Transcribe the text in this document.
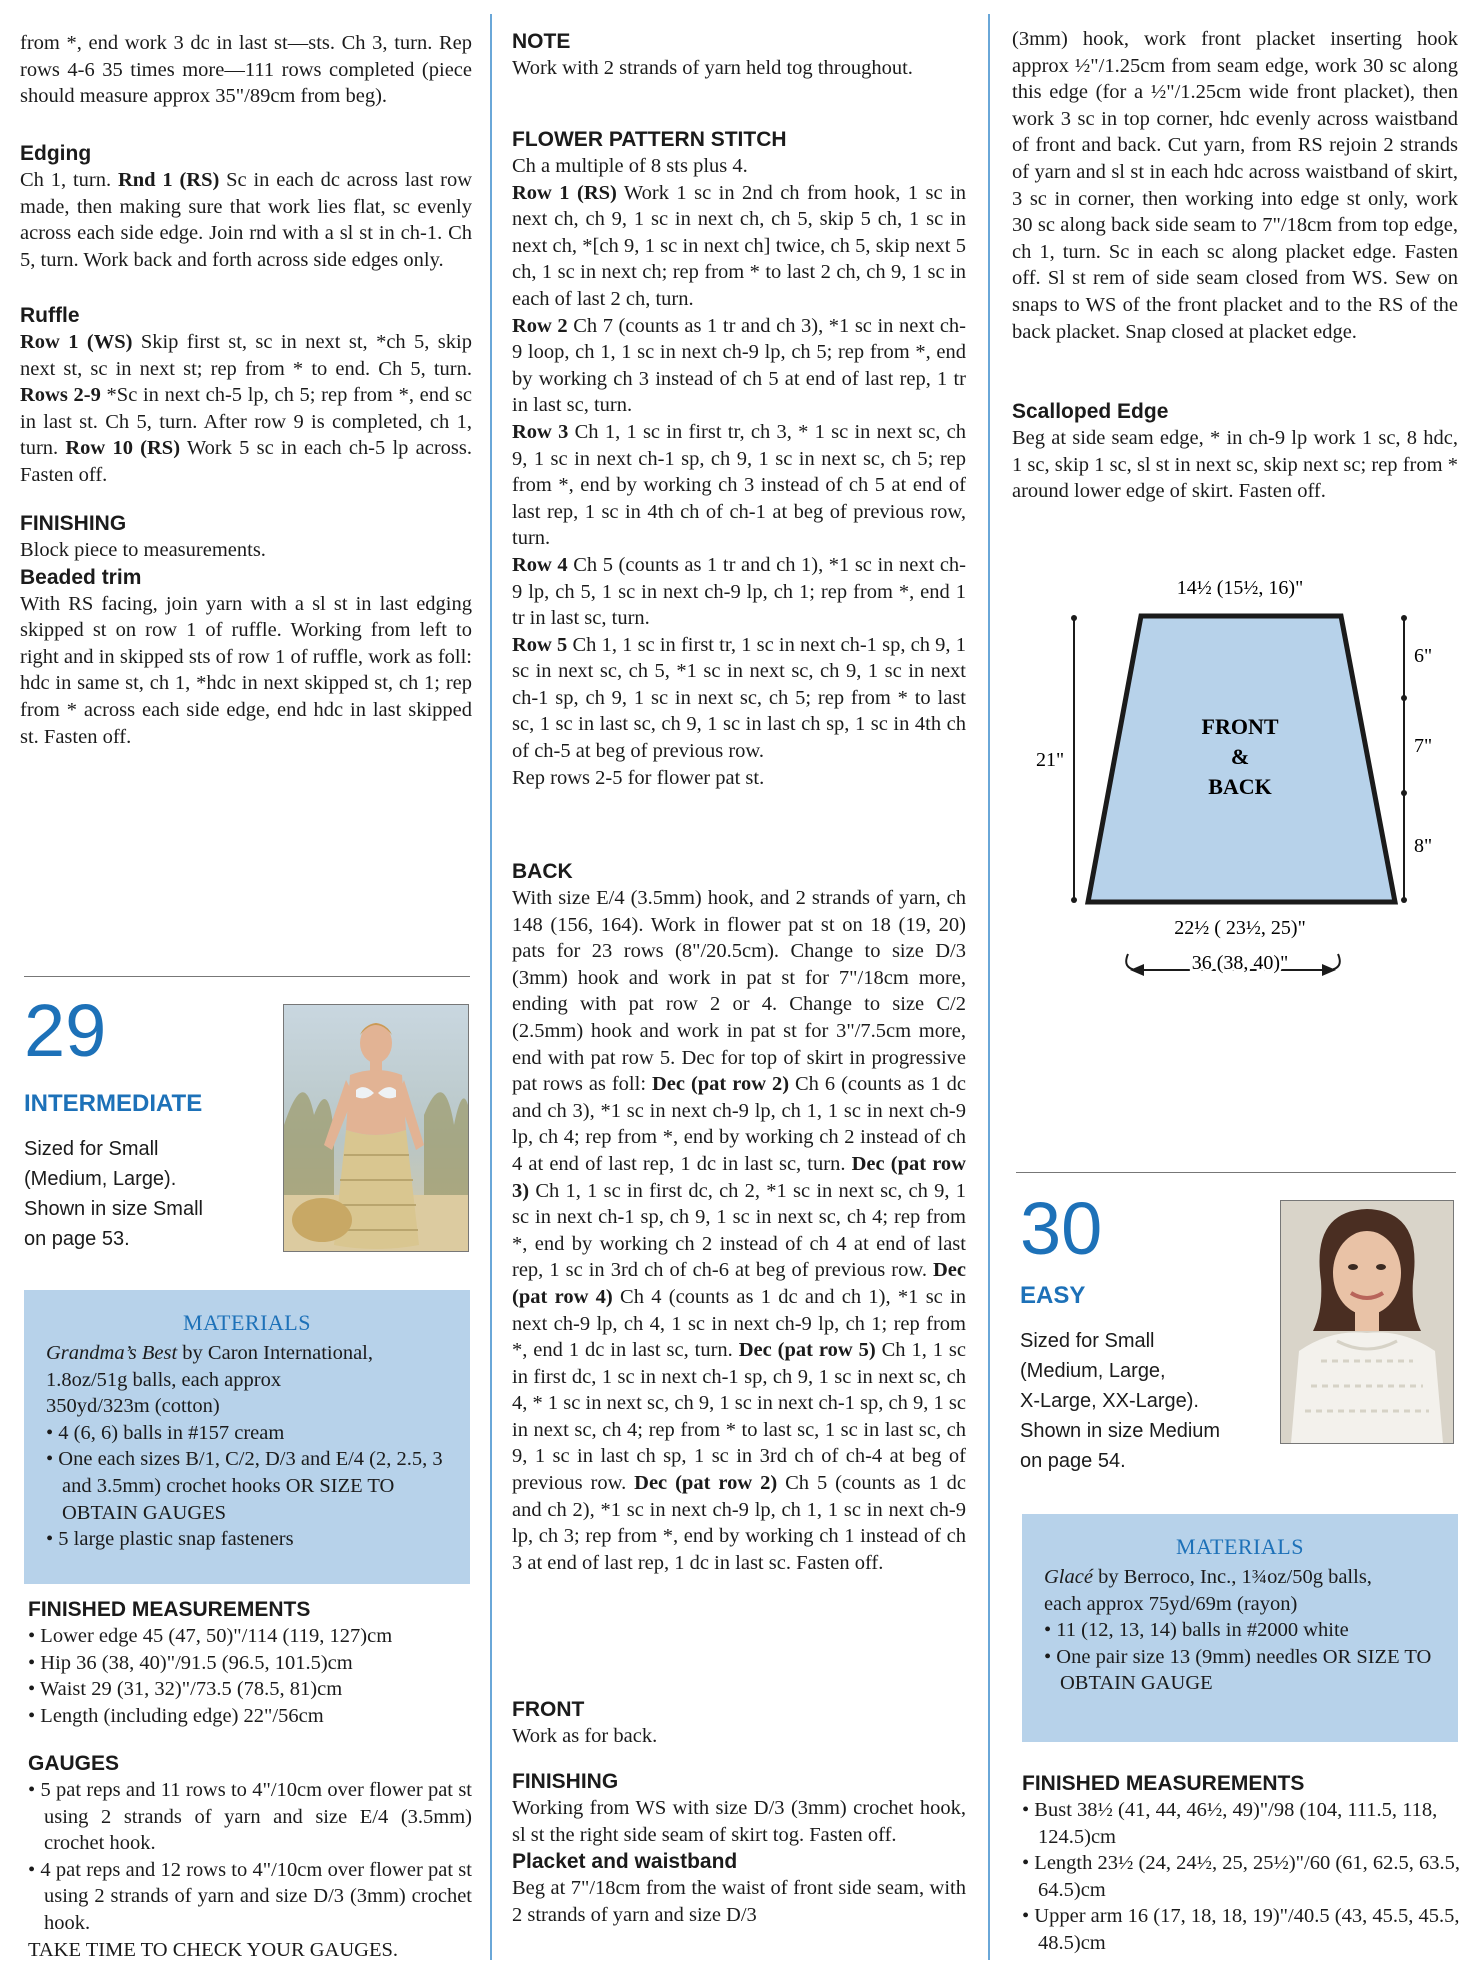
from *, end work 3 dc in last st—sts. Ch 3, turn. Rep rows 4-6 35 times more—111 rows completed (piece should measure approx 35"/89cm from beg).

Edging

Ch 1, turn. Rnd 1 (RS) Sc in each dc across last row made, then making sure that work lies flat, sc evenly across each side edge. Join rnd with a sl st in ch-1. Ch 5, turn. Work back and forth across side edges only.

Ruffle

Row 1 (WS) Skip first st, sc in next st, *ch 5, skip next st, sc in next st; rep from * to end. Ch 5, turn. Rows 2-9 *Sc in next ch-5 lp, ch 5; rep from *, end sc in last st. Ch 5, turn. After row 9 is completed, ch 1, turn. Row 10 (RS) Work 5 sc in each ch-5 lp across. Fasten off.

FINISHING

Block piece to measurements.

Beaded trim

With RS facing, join yarn with a sl st in last edging skipped st on row 1 of ruffle. Working from left to right and in skipped sts of row 1 of ruffle, work as foll: hdc in same st, ch 1, *hdc in next skipped st, ch 1; rep from * across each side edge, end hdc in last skipped st. Fasten off.

29

INTERMEDIATE

Sized for Small

(Medium, Large).

Shown in size Small

on page 53.

MATERIALS

Grandma’s Best by Caron International,

1.8oz/51g balls, each approx

350yd/323m (cotton)

• 4 (6, 6) balls in #157 cream
• One each sizes B/1, C/2, D/3 and E/4 (2, 2.5, 3 and 3.5mm) crochet hooks OR SIZE TO OBTAIN GAUGES
• 5 large plastic snap fasteners

FINISHED MEASUREMENTS

• Lower edge 45 (47, 50)"/114 (119, 127)cm
• Hip 36 (38, 40)"/91.5 (96.5, 101.5)cm
• Waist 29 (31, 32)"/73.5 (78.5, 81)cm
• Length (including edge) 22"/56cm

GAUGES

• 5 pat reps and 11 rows to 4"/10cm over flower pat st using 2 strands of yarn and size E/4 (3.5mm) crochet hook.
• 4 pat reps and 12 rows to 4"/10cm over flower pat st using 2 strands of yarn and size D/3 (3mm) crochet hook.

TAKE TIME TO CHECK YOUR GAUGES.

NOTE

Work with 2 strands of yarn held tog throughout.

FLOWER PATTERN STITCH

Ch a multiple of 8 sts plus 4.

Row 1 (RS) Work 1 sc in 2nd ch from hook, 1 sc in next ch, ch 9, 1 sc in next ch, ch 5, skip 5 ch, 1 sc in next ch, *[ch 9, 1 sc in next ch] twice, ch 5, skip next 5 ch, 1 sc in next ch; rep from * to last 2 ch, ch 9, 1 sc in each of last 2 ch, turn.

Row 2 Ch 7 (counts as 1 tr and ch 3), *1 sc in next ch-9 loop, ch 1, 1 sc in next ch-9 lp, ch 5; rep from *, end by working ch 3 instead of ch 5 at end of last rep, 1 tr in last sc, turn.

Row 3 Ch 1, 1 sc in first tr, ch 3, * 1 sc in next sc, ch 9, 1 sc in next ch-1 sp, ch 9, 1 sc in next sc, ch 5; rep from *, end by working ch 3 instead of ch 5 at end of last rep, 1 sc in 4th ch of ch-1 at beg of previous row, turn.

Row 4 Ch 5 (counts as 1 tr and ch 1), *1 sc in next ch-9 lp, ch 5, 1 sc in next ch-9 lp, ch 1; rep from *, end 1 tr in last sc, turn.

Row 5 Ch 1, 1 sc in first tr, 1 sc in next ch-1 sp, ch 9, 1 sc in next sc, ch 5, *1 sc in next sc, ch 9, 1 sc in next ch-1 sp, ch 9, 1 sc in next sc, ch 5; rep from * to last sc, 1 sc in last sc, ch 9, 1 sc in last ch sp, 1 sc in 4th ch of ch-5 at beg of previous row.

Rep rows 2-5 for flower pat st.

BACK

With size E/4 (3.5mm) hook, and 2 strands of yarn, ch 148 (156, 164). Work in flower pat st on 18 (19, 20) pats for 23 rows (8"/20.5cm). Change to size D/3 (3mm) hook and work in pat st for 7"/18cm more, ending with pat row 2 or 4. Change to size C/2 (2.5mm) hook and work in pat st for 3"/7.5cm more, end with pat row 5. Dec for top of skirt in progressive pat rows as foll: Dec (pat row 2) Ch 6 (counts as 1 dc and ch 3), *1 sc in next ch-9 lp, ch 1, 1 sc in next ch-9 lp, ch 4; rep from *, end by working ch 2 instead of ch 4 at end of last rep, 1 dc in last sc, turn. Dec (pat row 3) Ch 1, 1 sc in first dc, ch 2, *1 sc in next sc, ch 9, 1 sc in next ch-1 sp, ch 9, 1 sc in next sc, ch 4; rep from *, end by working ch 2 instead of ch 4 at end of last rep, 1 sc in 3rd ch of ch-6 at beg of previous row. Dec (pat row 4) Ch 4 (counts as 1 dc and ch 1), *1 sc in next ch-9 lp, ch 4, 1 sc in next ch-9 lp, ch 1; rep from *, end 1 dc in last sc, turn. Dec (pat row 5) Ch 1, 1 sc in first dc, 1 sc in next ch-1 sp, ch 9, 1 sc in next sc, ch 4, * 1 sc in next sc, ch 9, 1 sc in next ch-1 sp, ch 9, 1 sc in next sc, ch 4; rep from * to last sc, 1 sc in last sc, ch 9, 1 sc in last ch sp, 1 sc in 3rd ch of ch-4 at beg of previous row. Dec (pat row 2) Ch 5 (counts as 1 dc and ch 2), *1 sc in next ch-9 lp, ch 1, 1 sc in next ch-9 lp, ch 3; rep from *, end by working ch 1 instead of ch 3 at end of last rep, 1 dc in last sc. Fasten off.

FRONT

Work as for back.

FINISHING

Working from WS with size D/3 (3mm) crochet hook, sl st the right side seam of skirt tog. Fasten off.

Placket and waistband

Beg at 7"/18cm from the waist of front side seam, with 2 strands of yarn and size D/3

(3mm) hook, work front placket inserting hook approx ½"/1.25cm from seam edge, work 30 sc along this edge (for a ½"/1.25cm wide front placket), then work 3 sc in top corner, hdc evenly across waistband of front and back. Cut yarn, from RS rejoin 2 strands of yarn and sl st in each hdc across waistband of skirt, 3 sc in corner, then working into edge st only, work 30 sc along back side seam to 7"/18cm from top edge, ch 1, turn. Sc in each sc along placket edge. Fasten off. Sl st rem of side seam closed from WS. Sew on snaps to WS of the front placket and to the RS of the back placket. Snap closed at placket edge.

Scalloped Edge

Beg at side seam edge, * in ch-9 lp work 1 sc, 8 hdc, 1 sc, skip 1 sc, sl st in next sc, skip next sc; rep from * around lower edge of skirt. Fasten off.

14½ (15½, 16)"
FRONT
&
BACK
21"
6"
7"
8"
22½ ( 23½, 25)"
36 (38, 40)"

30

EASY

Sized for Small

(Medium, Large,

X-Large, XX-Large).

Shown in size Medium

on page 54.

MATERIALS

Glacé by Berroco, Inc., 1¾oz/50g balls,

each approx 75yd/69m (rayon)

• 11 (12, 13, 14) balls in #2000 white
• One pair size 13 (9mm) needles OR SIZE TO OBTAIN GAUGE

FINISHED MEASUREMENTS

• Bust 38½ (41, 44, 46½, 49)"/98 (104, 111.5, 118, 124.5)cm
• Length 23½ (24, 24½, 25, 25½)"/60 (61, 62.5, 63.5, 64.5)cm
• Upper arm 16 (17, 18, 18, 19)"/40.5 (43, 45.5, 45.5, 48.5)cm
